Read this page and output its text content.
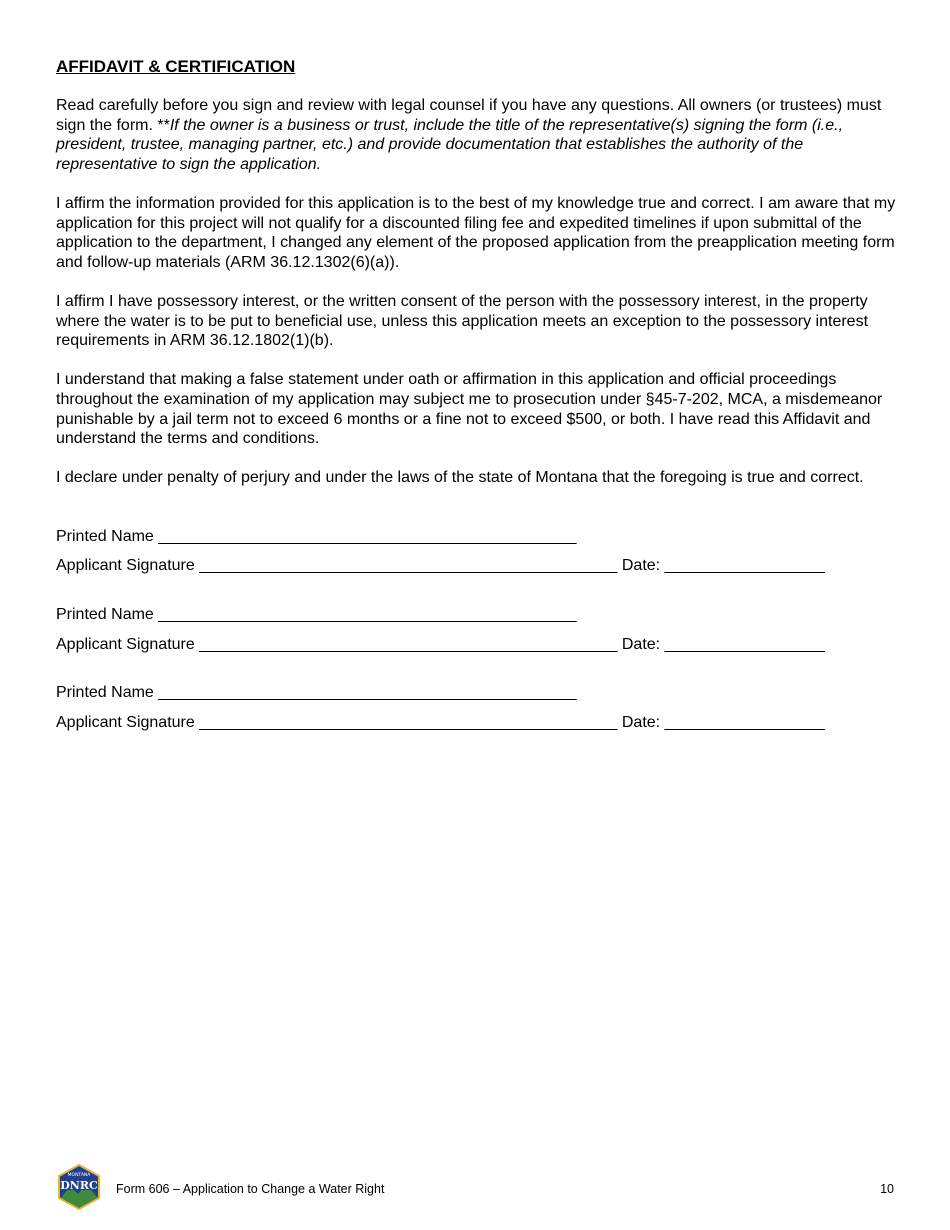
AFFIDAVIT & CERTIFICATION

Read carefully before you sign and review with legal counsel if you have any questions. All owners (or trustees) must sign the form. **If the owner is a business or trust, include the title of the representative(s) signing the form (i.e., president, trustee, managing partner, etc.) and provide documentation that establishes the authority of the representative to sign the application.

I affirm the information provided for this application is to the best of my knowledge true and correct. I am aware that my application for this project will not qualify for a discounted filing fee and expedited timelines if upon submittal of the application to the department, I changed any element of the proposed application from the preapplication meeting form and follow-up materials (ARM 36.12.1302(6)(a)).

I affirm I have possessory interest, or the written consent of the person with the possessory interest, in the property where the water is to be put to beneficial use, unless this application meets an exception to the possessory interest requirements in ARM 36.12.1802(1)(b).

I understand that making a false statement under oath or affirmation in this application and official proceedings throughout the examination of my application may subject me to prosecution under §45-7-202, MCA, a misdemeanor punishable by a jail term not to exceed 6 months or a fine not to exceed $500, or both. I have read this Affidavit and understand the terms and conditions.

I declare under penalty of perjury and under the laws of the state of Montana that the foregoing is true and correct.

Printed Name _______________________________________________
Applicant Signature _______________________________________________ Date: __________________
Printed Name _______________________________________________
Applicant Signature _______________________________________________ Date: __________________
Printed Name _______________________________________________
Applicant Signature _______________________________________________ Date: __________________
MONTANA
DNRC Form 606 – Application to Change a Water Right	10
